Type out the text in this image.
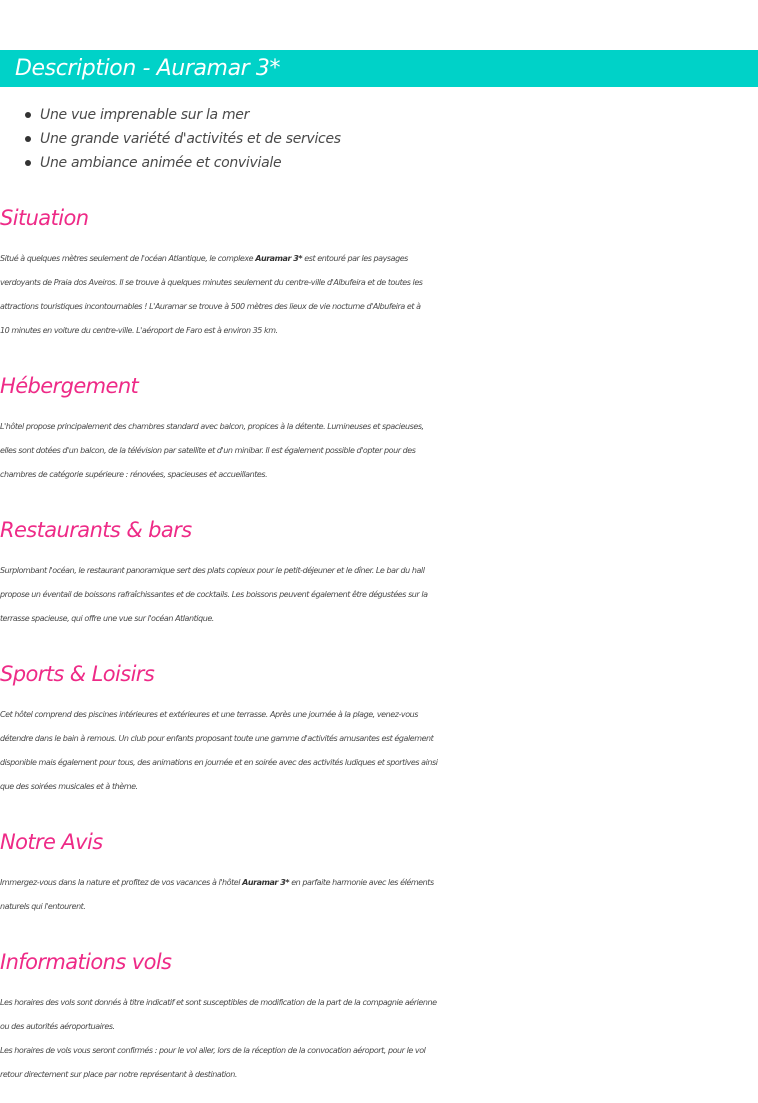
Description - Auramar 3*
Une vue imprenable sur la mer
Une grande variété d'activités et de services
Une ambiance animée et conviviale
Situation

Situé à quelques mètres seulement de l'océan Atlantique, le complexe Auramar 3* est entouré par les paysages
verdoyants de Praia dos Aveiros. Il se trouve à quelques minutes seulement du centre-ville d'Albufeira et de toutes les
attractions touristiques incontournables ! L'Auramar se trouve à 500 mètres des lieux de vie nocturne d'Albufeira et à
10 minutes en voiture du centre-ville. L'aéroport de Faro est à environ 35 km.

Hébergement

L'hôtel propose principalement des chambres standard avec balcon, propices à la détente. Lumineuses et spacieuses,
elles sont dotées d'un balcon, de la télévision par satellite et d'un minibar. Il est également possible d'opter pour des
chambres de catégorie supérieure : rénovées, spacieuses et accueillantes.

Restaurants & bars

Surplombant l'océan, le restaurant panoramique sert des plats copieux pour le petit-déjeuner et le dîner. Le bar du hall
propose un éventail de boissons rafraîchissantes et de cocktails. Les boissons peuvent également être dégustées sur la
terrasse spacieuse, qui offre une vue sur l'océan Atlantique.

Sports & Loisirs

Cet hôtel comprend des piscines intérieures et extérieures et une terrasse. Après une journée à la plage, venez-vous
détendre dans le bain à remous. Un club pour enfants proposant toute une gamme d'activités amusantes est également
disponible mais également pour tous, des animations en journée et en soirée avec des activités ludiques et sportives ainsi
que des soirées musicales et à thème.

Notre Avis

Immergez-vous dans la nature et profitez de vos vacances à l'hôtel Auramar 3* en parfaite harmonie avec les éléments
naturels qui l'entourent.

Informations vols

Les horaires des vols sont donnés à titre indicatif et sont susceptibles de modification de la part de la compagnie aérienne
ou des autorités aéroportuaires.
Les horaires de vols vous seront confirmés : pour le vol aller, lors de la réception de la convocation aéroport, pour le vol
retour directement sur place par notre représentant à destination.
